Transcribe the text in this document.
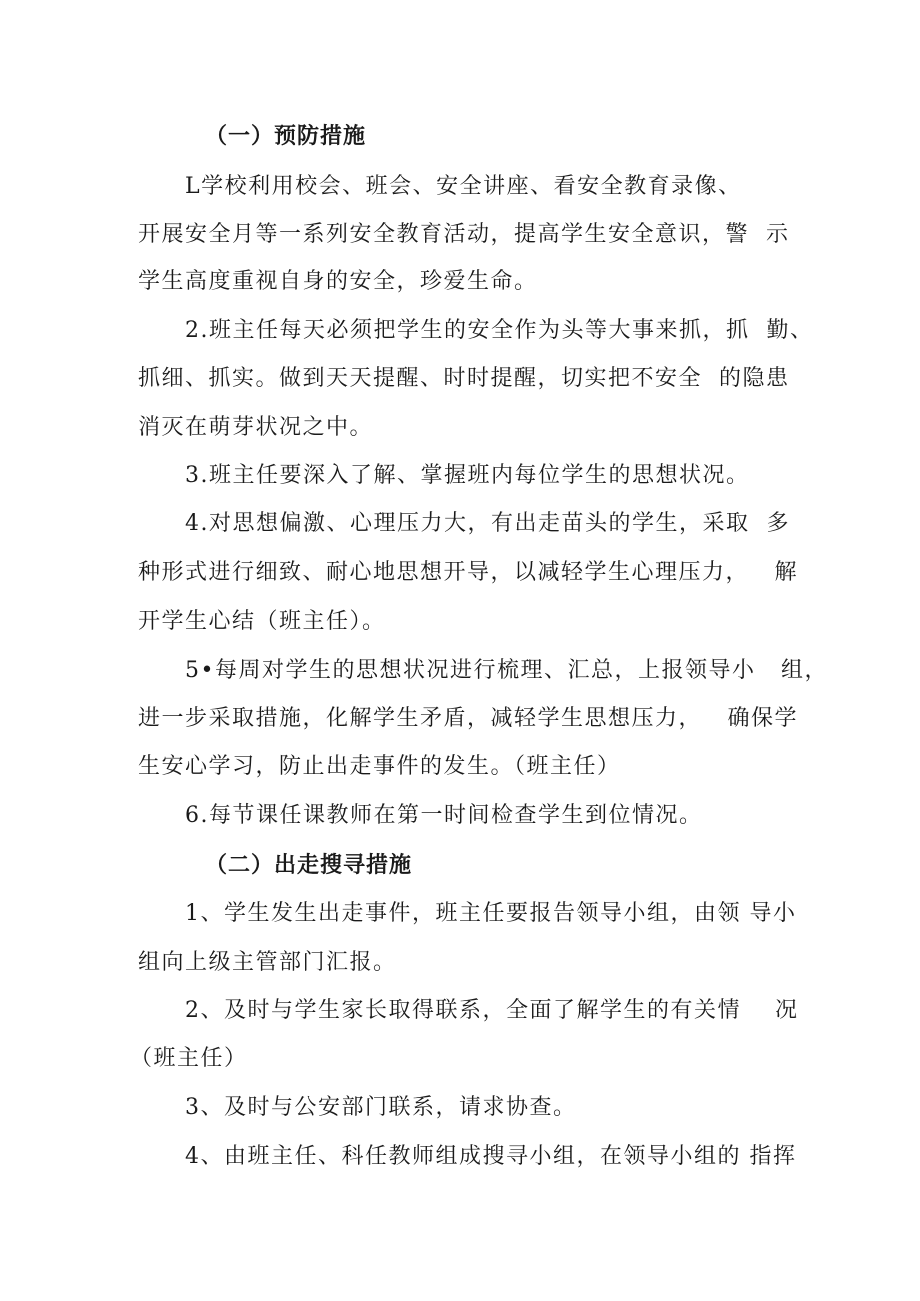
（一）预防措施
L学校利用校会、班会、安全讲座、看安全教育录像、
开展安全月等一系列安全教育活动，提高学生安全意识，警  示
学生高度重视自身的安全，珍爱生命。
2.班主任每天必须把学生的安全作为头等大事来抓，抓  勤、
抓细、抓实。做到天天提醒、时时提醒，切实把不安全  的隐患
消灭在萌芽状况之中。
3.班主任要深入了解、掌握班内每位学生的思想状况。
4.对思想偏激、心理压力大，有出走苗头的学生，采取  多
种形式进行细致、耐心地思想开导，以减轻学生心理压力，   解
开学生心结（班主任）。
5•每周对学生的思想状况进行梳理、汇总，上报领导小   组，
进一步采取措施，化解学生矛盾，减轻学生思想压力，   确保学
生安心学习，防止出走事件的发生。（班主任）
6.每节课任课教师在第一时间检查学生到位情况。
（二）出走搜寻措施
1、学生发生出走事件，班主任要报告领导小组，由领 导小
组向上级主管部门汇报。
2、及时与学生家长取得联系，全面了解学生的有关情    况
（班主任）
3、及时与公安部门联系，请求协查。
4、由班主任、科任教师组成搜寻小组，在领导小组的 指挥
